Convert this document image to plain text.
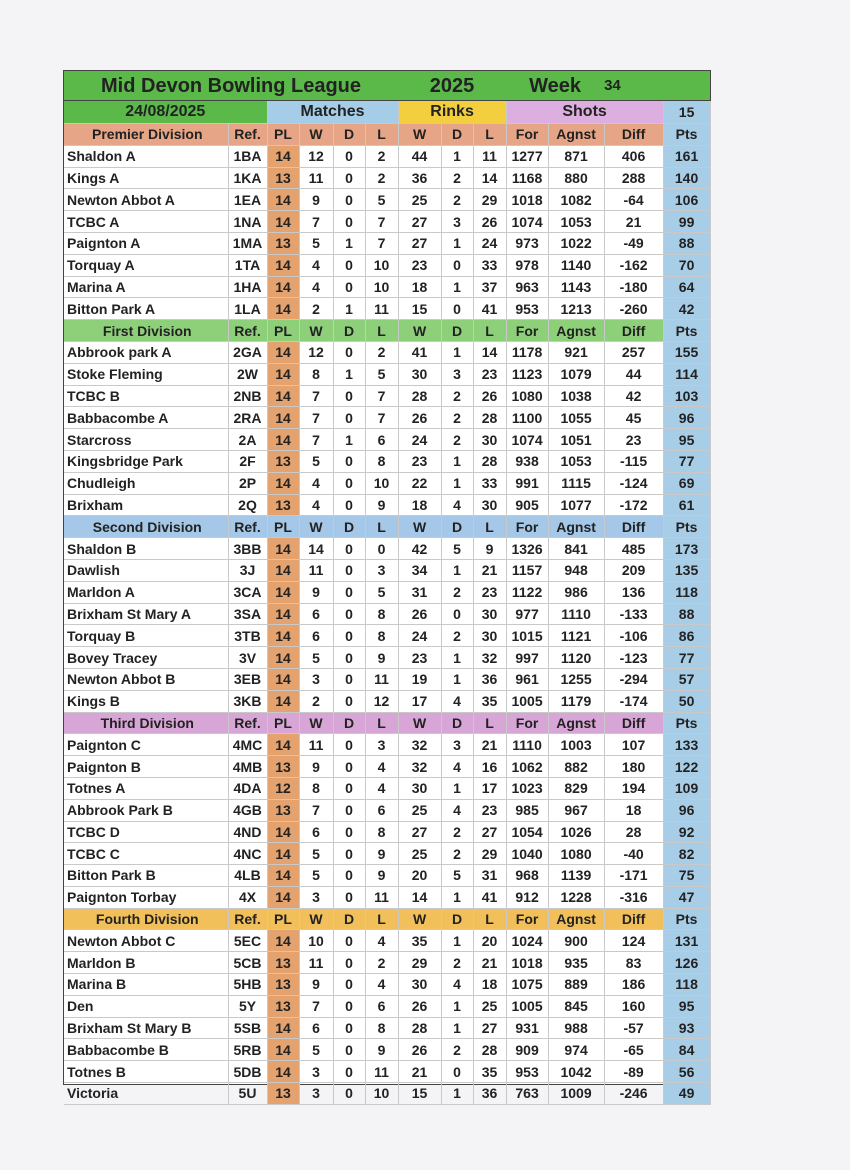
Mid Devon Bowling League						2025			Week		34	
24/08/2025		Matches				Rinks			Shots			15
Premier Division	Ref.	PL	W	D	L	W	D	L	For	Agnst	Diff	Pts
Shaldon A	1BA	14	12	0	2	44	1	11	1277	871	406	161
Kings A	1KA	13	11	0	2	36	2	14	1168	880	288	140
Newton Abbot A	1EA	14	9	0	5	25	2	29	1018	1082	-64	106
TCBC A	1NA	14	7	0	7	27	3	26	1074	1053	21	99
Paignton A	1MA	13	5	1	7	27	1	24	973	1022	-49	88
Torquay A	1TA	14	4	0	10	23	0	33	978	1140	-162	70
Marina A	1HA	14	4	0	10	18	1	37	963	1143	-180	64
Bitton Park A	1LA	14	2	1	11	15	0	41	953	1213	-260	42
First Division	Ref.	PL	W	D	L	W	D	L	For	Agnst	Diff	Pts
Abbrook park A	2GA	14	12	0	2	41	1	14	1178	921	257	155
Stoke Fleming	2W	14	8	1	5	30	3	23	1123	1079	44	114
TCBC B	2NB	14	7	0	7	28	2	26	1080	1038	42	103
Babbacombe A	2RA	14	7	0	7	26	2	28	1100	1055	45	96
Starcross	2A	14	7	1	6	24	2	30	1074	1051	23	95
Kingsbridge Park	2F	13	5	0	8	23	1	28	938	1053	-115	77
Chudleigh	2P	14	4	0	10	22	1	33	991	1115	-124	69
Brixham	2Q	13	4	0	9	18	4	30	905	1077	-172	61
Second Division	Ref.	PL	W	D	L	W	D	L	For	Agnst	Diff	Pts
Shaldon B	3BB	14	14	0	0	42	5	9	1326	841	485	173
Dawlish	3J	14	11	0	3	34	1	21	1157	948	209	135
Marldon A	3CA	14	9	0	5	31	2	23	1122	986	136	118
Brixham St Mary A	3SA	14	6	0	8	26	0	30	977	1110	-133	88
Torquay B	3TB	14	6	0	8	24	2	30	1015	1121	-106	86
Bovey Tracey	3V	14	5	0	9	23	1	32	997	1120	-123	77
Newton Abbot B	3EB	14	3	0	11	19	1	36	961	1255	-294	57
Kings B	3KB	14	2	0	12	17	4	35	1005	1179	-174	50
Third Division	Ref.	PL	W	D	L	W	D	L	For	Agnst	Diff	Pts
Paignton C	4MC	14	11	0	3	32	3	21	1110	1003	107	133
Paignton B	4MB	13	9	0	4	32	4	16	1062	882	180	122
Totnes A	4DA	12	8	0	4	30	1	17	1023	829	194	109
Abbrook Park B	4GB	13	7	0	6	25	4	23	985	967	18	96
TCBC D	4ND	14	6	0	8	27	2	27	1054	1026	28	92
TCBC C	4NC	14	5	0	9	25	2	29	1040	1080	-40	82
Bitton Park B	4LB	14	5	0	9	20	5	31	968	1139	-171	75
Paignton Torbay	4X	14	3	0	11	14	1	41	912	1228	-316	47
Fourth Division	Ref.	PL	W	D	L	W	D	L	For	Agnst	Diff	Pts
Newton Abbot C	5EC	14	10	0	4	35	1	20	1024	900	124	131
Marldon B	5CB	13	11	0	2	29	2	21	1018	935	83	126
Marina B	5HB	13	9	0	4	30	4	18	1075	889	186	118
Den	5Y	13	7	0	6	26	1	25	1005	845	160	95
Brixham St Mary B	5SB	14	6	0	8	28	1	27	931	988	-57	93
Babbacombe B	5RB	14	5	0	9	26	2	28	909	974	-65	84
Totnes B	5DB	14	3	0	11	21	0	35	953	1042	-89	56
Victoria	5U	13	3	0	10	15	1	36	763	1009	-246	49
